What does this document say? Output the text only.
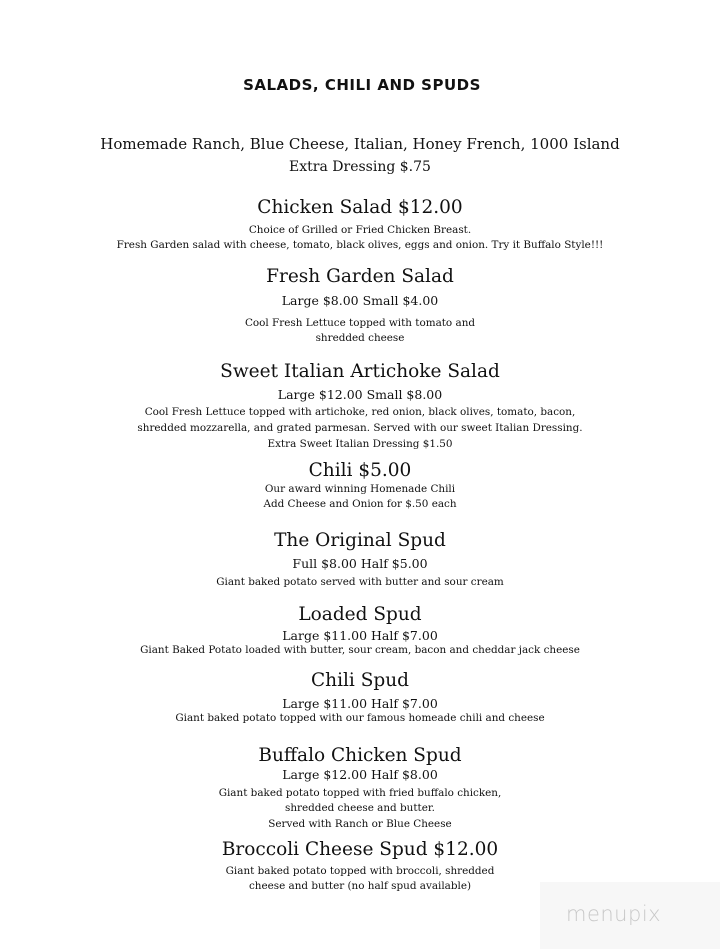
SALADS, CHILI AND SPUDS
Homemade Ranch, Blue Cheese, Italian, Honey French, 1000 Island
Extra Dressing $.75
Chicken Salad $12.00
Choice of Grilled or Fried Chicken Breast.
Fresh Garden salad with cheese, tomato, black olives, eggs and onion. Try it Buffalo Style!!!
Fresh Garden Salad
Large $8.00 Small $4.00
Cool Fresh Lettuce topped with tomato and
shredded cheese
Sweet Italian Artichoke Salad
Large $12.00 Small $8.00
Cool Fresh Lettuce topped with artichoke, red onion, black olives, tomato, bacon,
shredded mozzarella, and grated parmesan. Served with our sweet Italian Dressing.
Extra Sweet Italian Dressing $1.50
Chili $5.00
Our award winning Homenade Chili
Add Cheese and Onion for $.50 each
The Original Spud
Full $8.00 Half $5.00
Giant baked potato served with butter and sour cream
Loaded Spud
Large $11.00 Half $7.00
Giant Baked Potato loaded with butter, sour cream, bacon and cheddar jack cheese
Chili Spud
Large $11.00 Half $7.00
Giant baked potato topped with our famous homeade chili and cheese
Buffalo Chicken Spud
Large $12.00 Half $8.00
Giant baked potato topped with fried buffalo chicken,
shredded cheese and butter.
Served with Ranch or Blue Cheese
Broccoli Cheese Spud $12.00
Giant baked potato topped with broccoli, shredded
cheese and butter (no half spud available)
menupix
